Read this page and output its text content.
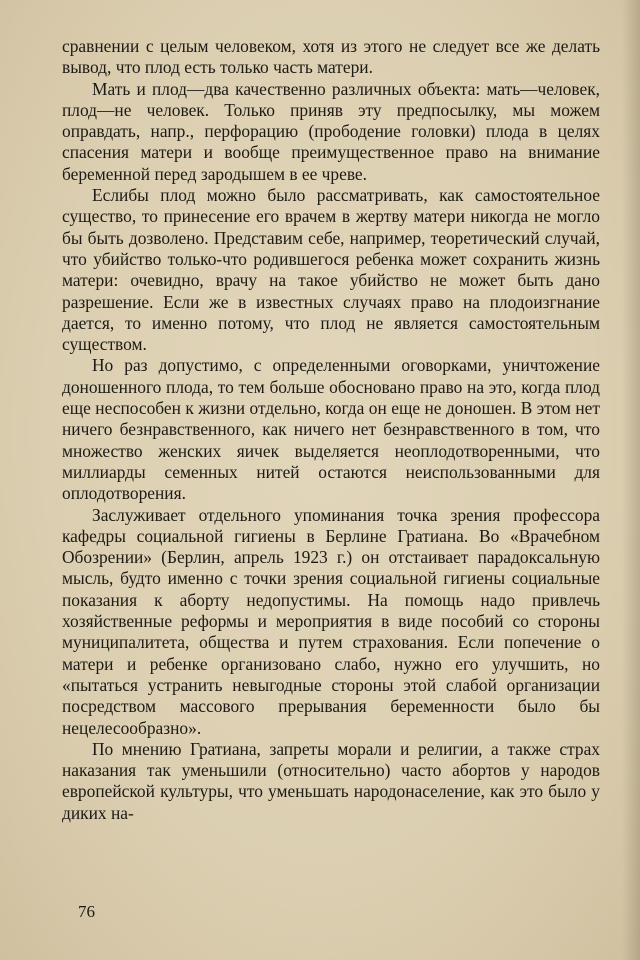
сравнении с целым человеком, хотя из этого не следует все же делать вывод, что плод есть только часть матери.

Мать и плод—два качественно различных объекта: мать—человек, плод—не человек. Только приняв эту предпосылку, мы можем оправдать, напр., перфорацию (прободение головки) плода в целях спасения матери и вообще преимущественное право на внимание беременной перед зародышем в ее чреве.

Еслибы плод можно было рассматривать, как самостоятельное существо, то принесение его врачем в жертву матери никогда не могло бы быть дозволено. Представим себе, например, теоретический случай, что убийство только-что родившегося ребенка может сохранить жизнь матери: очевидно, врачу на такое убийство не может быть дано разрешение. Если же в известных случаях право на плодоизгнание дается, то именно потому, что плод не является самостоятельным существом.

Но раз допустимо, с определенными оговорками, уничтожение доношенного плода, то тем больше обосновано право на это, когда плод еще неспособен к жизни отдельно, когда он еще не доношен. В этом нет ничего безнравственного, как ничего нет безнравственного в том, что множество женских яичек выделяется неоплодотворенными, что миллиарды семенных нитей остаются неиспользованными для оплодотворения.

Заслуживает отдельного упоминания точка зрения профессора кафедры социальной гигиены в Берлине Гратиана. Во «Врачебном Обозрении» (Берлин, апрель 1923 г.) он отстаивает парадоксальную мысль, будто именно с точки зрения социальной гигиены социальные показания к аборту недопустимы. На помощь надо привлечь хозяйственные реформы и мероприятия в виде пособий со стороны муниципалитета, общества и путем страхования. Если попечение о матери и ребенке организовано слабо, нужно его улучшить, но «пытаться устранить невыгодные стороны этой слабой организации посредством массового прерывания беременности было бы нецелесообразно».

По мнению Гратиана, запреты морали и религии, а также страх наказания так уменьшили (относительно) часто абортов у народов европейской культуры, что уменьшать народонаселение, как это было у диких на-

76
